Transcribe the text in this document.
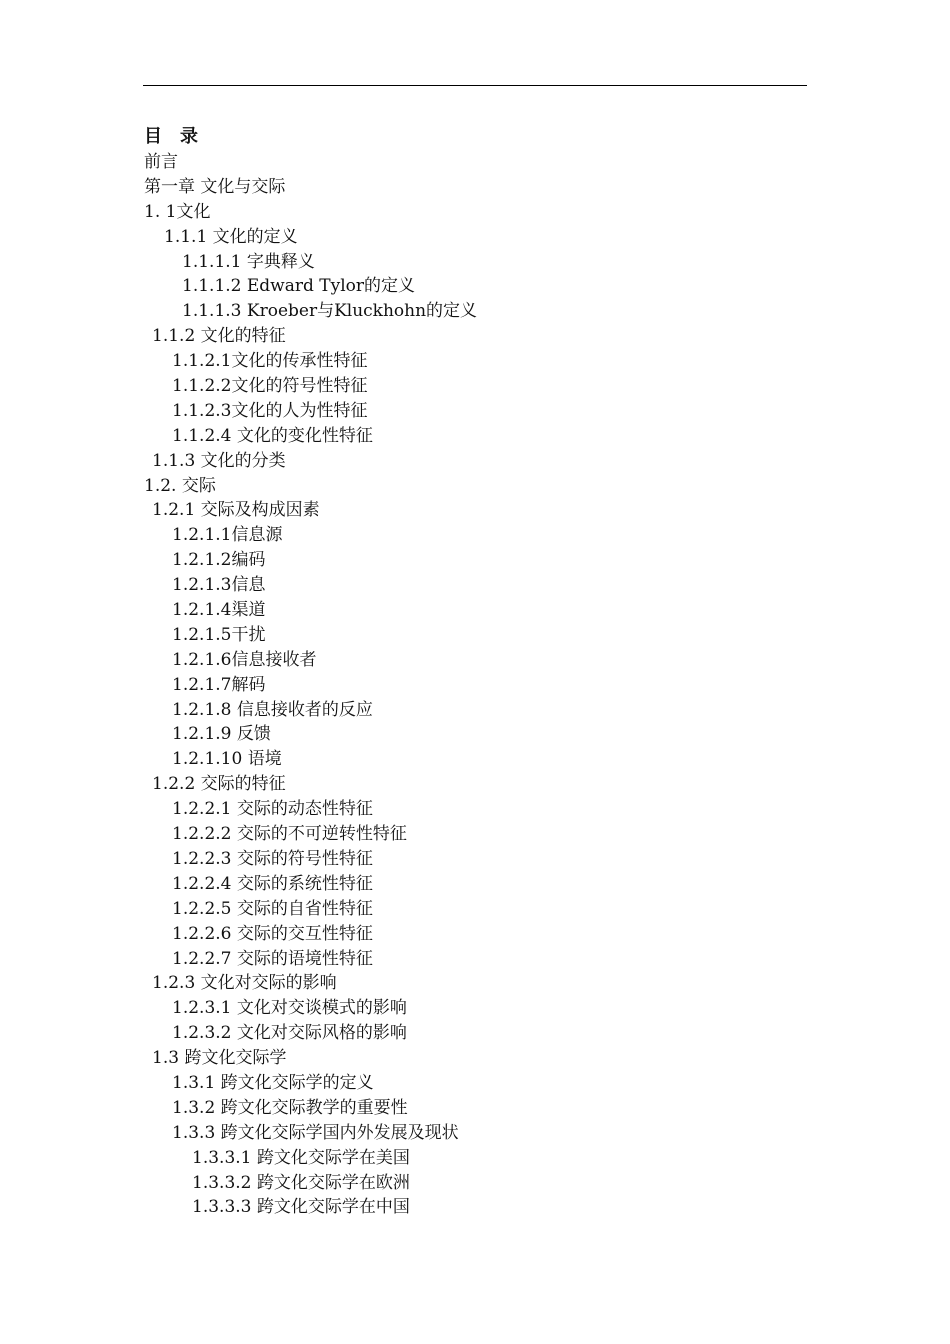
目　录
前言
第一章 文化与交际
1. 1文化
1.1.1 文化的定义
1.1.1.1 字典释义
1.1.1.2 Edward Tylor的定义
1.1.1.3 Kroeber与Kluckhohn的定义
1.1.2 文化的特征
1.1.2.1文化的传承性特征
1.1.2.2文化的符号性特征
1.1.2.3文化的人为性特征
1.1.2.4 文化的变化性特征
1.1.3 文化的分类
1.2. 交际
1.2.1 交际及构成因素
1.2.1.1信息源
1.2.1.2编码
1.2.1.3信息
1.2.1.4渠道
1.2.1.5干扰
1.2.1.6信息接收者
1.2.1.7解码
1.2.1.8 信息接收者的反应
1.2.1.9 反馈
1.2.1.10 语境
1.2.2 交际的特征
1.2.2.1 交际的动态性特征
1.2.2.2 交际的不可逆转性特征
1.2.2.3 交际的符号性特征
1.2.2.4 交际的系统性特征
1.2.2.5 交际的自省性特征
1.2.2.6 交际的交互性特征
1.2.2.7 交际的语境性特征
1.2.3 文化对交际的影响
1.2.3.1 文化对交谈模式的影响
1.2.3.2 文化对交际风格的影响
1.3 跨文化交际学
1.3.1 跨文化交际学的定义
1.3.2 跨文化交际教学的重要性
1.3.3 跨文化交际学国内外发展及现状
1.3.3.1 跨文化交际学在美国
1.3.3.2 跨文化交际学在欧洲
1.3.3.3 跨文化交际学在中国
